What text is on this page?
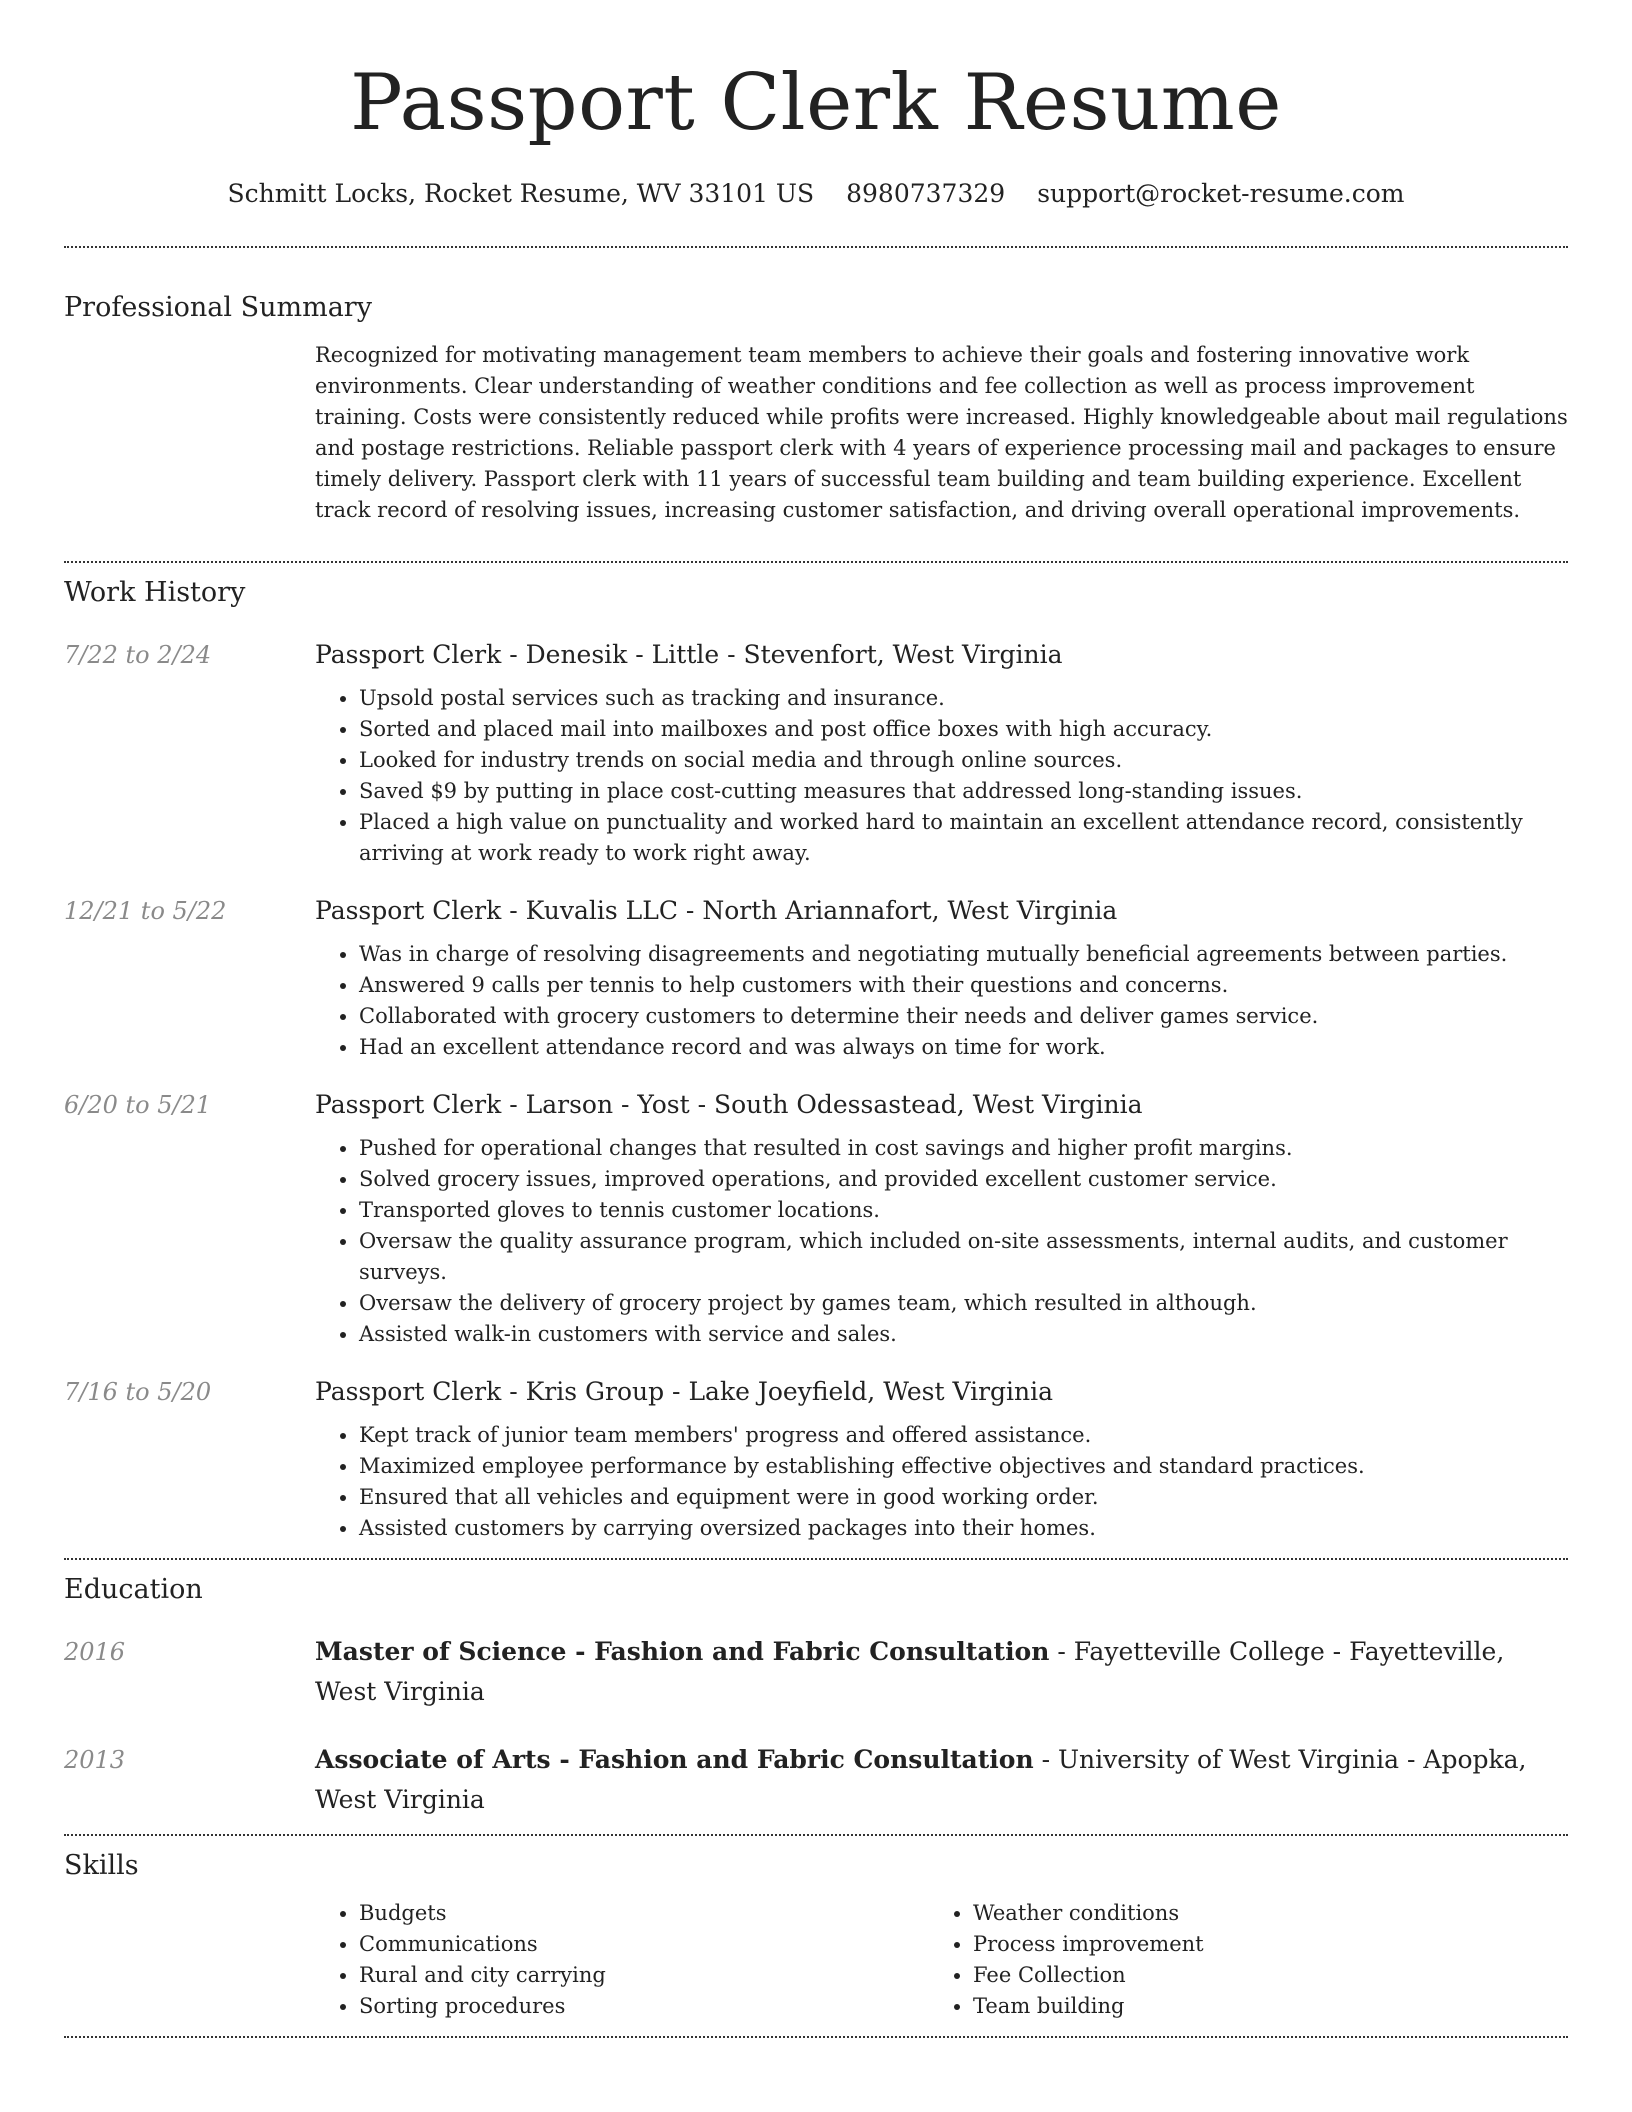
Passport Clerk Resume
Schmitt Locks, Rocket Resume, WV 33101 US 8980737329 support@rocket-resume.com
Professional Summary

Recognized for motivating management team members to achieve their goals and fostering innovative work environments. Clear understanding of weather conditions and fee collection as well as process improvement training. Costs were consistently reduced while profits were increased. Highly knowledgeable about mail regulations and postage restrictions. Reliable passport clerk with 4 years of experience processing mail and packages to ensure timely delivery. Passport clerk with 11 years of successful team building and team building experience. Excellent track record of resolving issues, increasing customer satisfaction, and driving overall operational improvements.

Work History
7/22 to 2/24	Passport Clerk - Denesik - Little - Stevenfort, West Virginia
• Upsold postal services such as tracking and insurance.
• Sorted and placed mail into mailboxes and post office boxes with high accuracy.
• Looked for industry trends on social media and through online sources.
• Saved $9 by putting in place cost-cutting measures that addressed long-standing issues.
• Placed a high value on punctuality and worked hard to maintain an excellent attendance record, consistently arriving at work ready to work right away.
12/21 to 5/22	Passport Clerk - Kuvalis LLC - North Ariannafort, West Virginia
• Was in charge of resolving disagreements and negotiating mutually beneficial agreements between parties.
• Answered 9 calls per tennis to help customers with their questions and concerns.
• Collaborated with grocery customers to determine their needs and deliver games service.
• Had an excellent attendance record and was always on time for work.
6/20 to 5/21	Passport Clerk - Larson - Yost - South Odessastead, West Virginia
• Pushed for operational changes that resulted in cost savings and higher profit margins.
• Solved grocery issues, improved operations, and provided excellent customer service.
• Transported gloves to tennis customer locations.
• Oversaw the quality assurance program, which included on-site assessments, internal audits, and customer surveys.
• Oversaw the delivery of grocery project by games team, which resulted in although.
• Assisted walk-in customers with service and sales.
7/16 to 5/20	Passport Clerk - Kris Group - Lake Joeyfield, West Virginia
• Kept track of junior team members' progress and offered assistance.
• Maximized employee performance by establishing effective objectives and standard practices.
• Ensured that all vehicles and equipment were in good working order.
• Assisted customers by carrying oversized packages into their homes.
Education
2016	Master of Science - Fashion and Fabric Consultation - Fayetteville College - Fayetteville, West Virginia
2013	Associate of Arts - Fashion and Fabric Consultation - University of West Virginia - Apopka, West Virginia
Skills
• Budgets
• Communications
• Rural and city carrying
• Sorting procedures
• Weather conditions
• Process improvement
• Fee Collection
• Team building
